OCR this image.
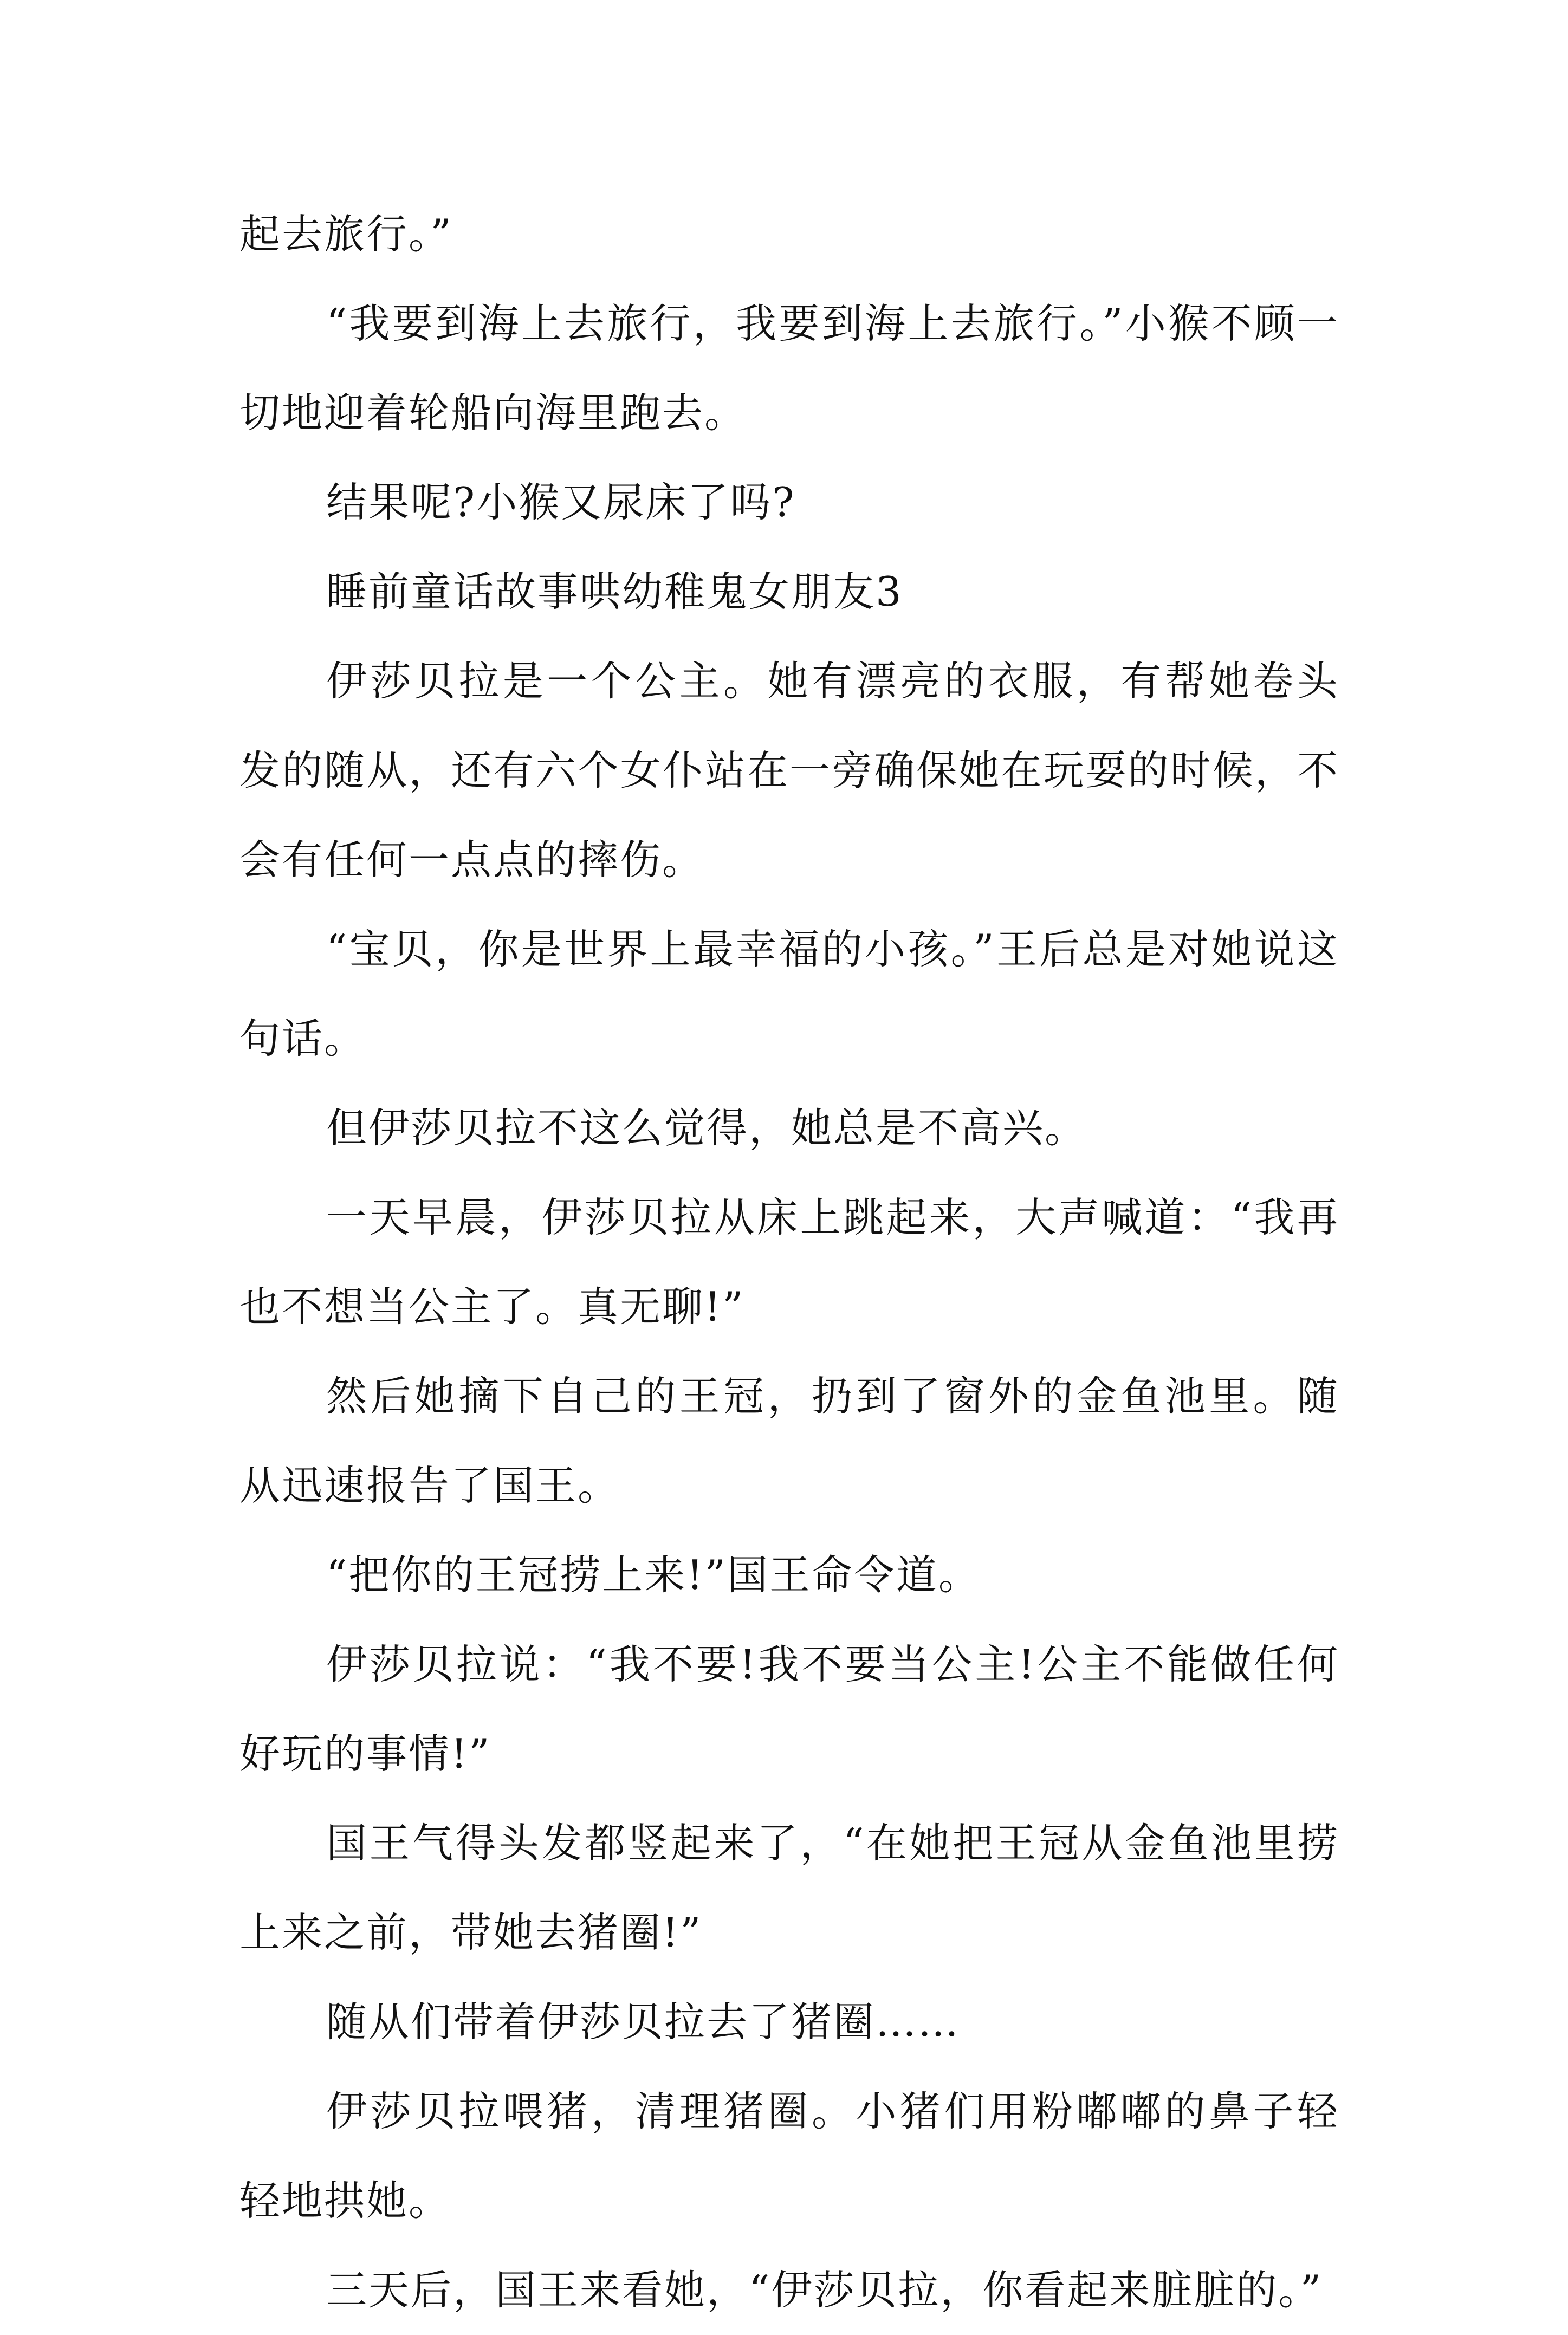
起去旅行。”

“我要到海上去旅行，我要到海上去旅行。”小猴不顾一切地迎着轮船向海里跑去。

结果呢?小猴又尿床了吗?

睡前童话故事哄幼稚鬼女朋友3

伊莎贝拉是一个公主。她有漂亮的衣服，有帮她卷头发的随从，还有六个女仆站在一旁确保她在玩耍的时候，不会有任何一点点的摔伤。

“宝贝，你是世界上最幸福的小孩。”王后总是对她说这句话。

但伊莎贝拉不这么觉得，她总是不高兴。

一天早晨，伊莎贝拉从床上跳起来，大声喊道：“我再也不想当公主了。真无聊!”

然后她摘下自己的王冠，扔到了窗外的金鱼池里。随从迅速报告了国王。

“把你的王冠捞上来!”国王命令道。

伊莎贝拉说：“我不要!我不要当公主!公主不能做任何好玩的事情!”

国王气得头发都竖起来了，“在她把王冠从金鱼池里捞上来之前，带她去猪圈!”

随从们带着伊莎贝拉去了猪圈……

伊莎贝拉喂猪，清理猪圈。小猪们用粉嘟嘟的鼻子轻轻地拱她。

三天后，国王来看她，“伊莎贝拉，你看起来脏脏的。”
